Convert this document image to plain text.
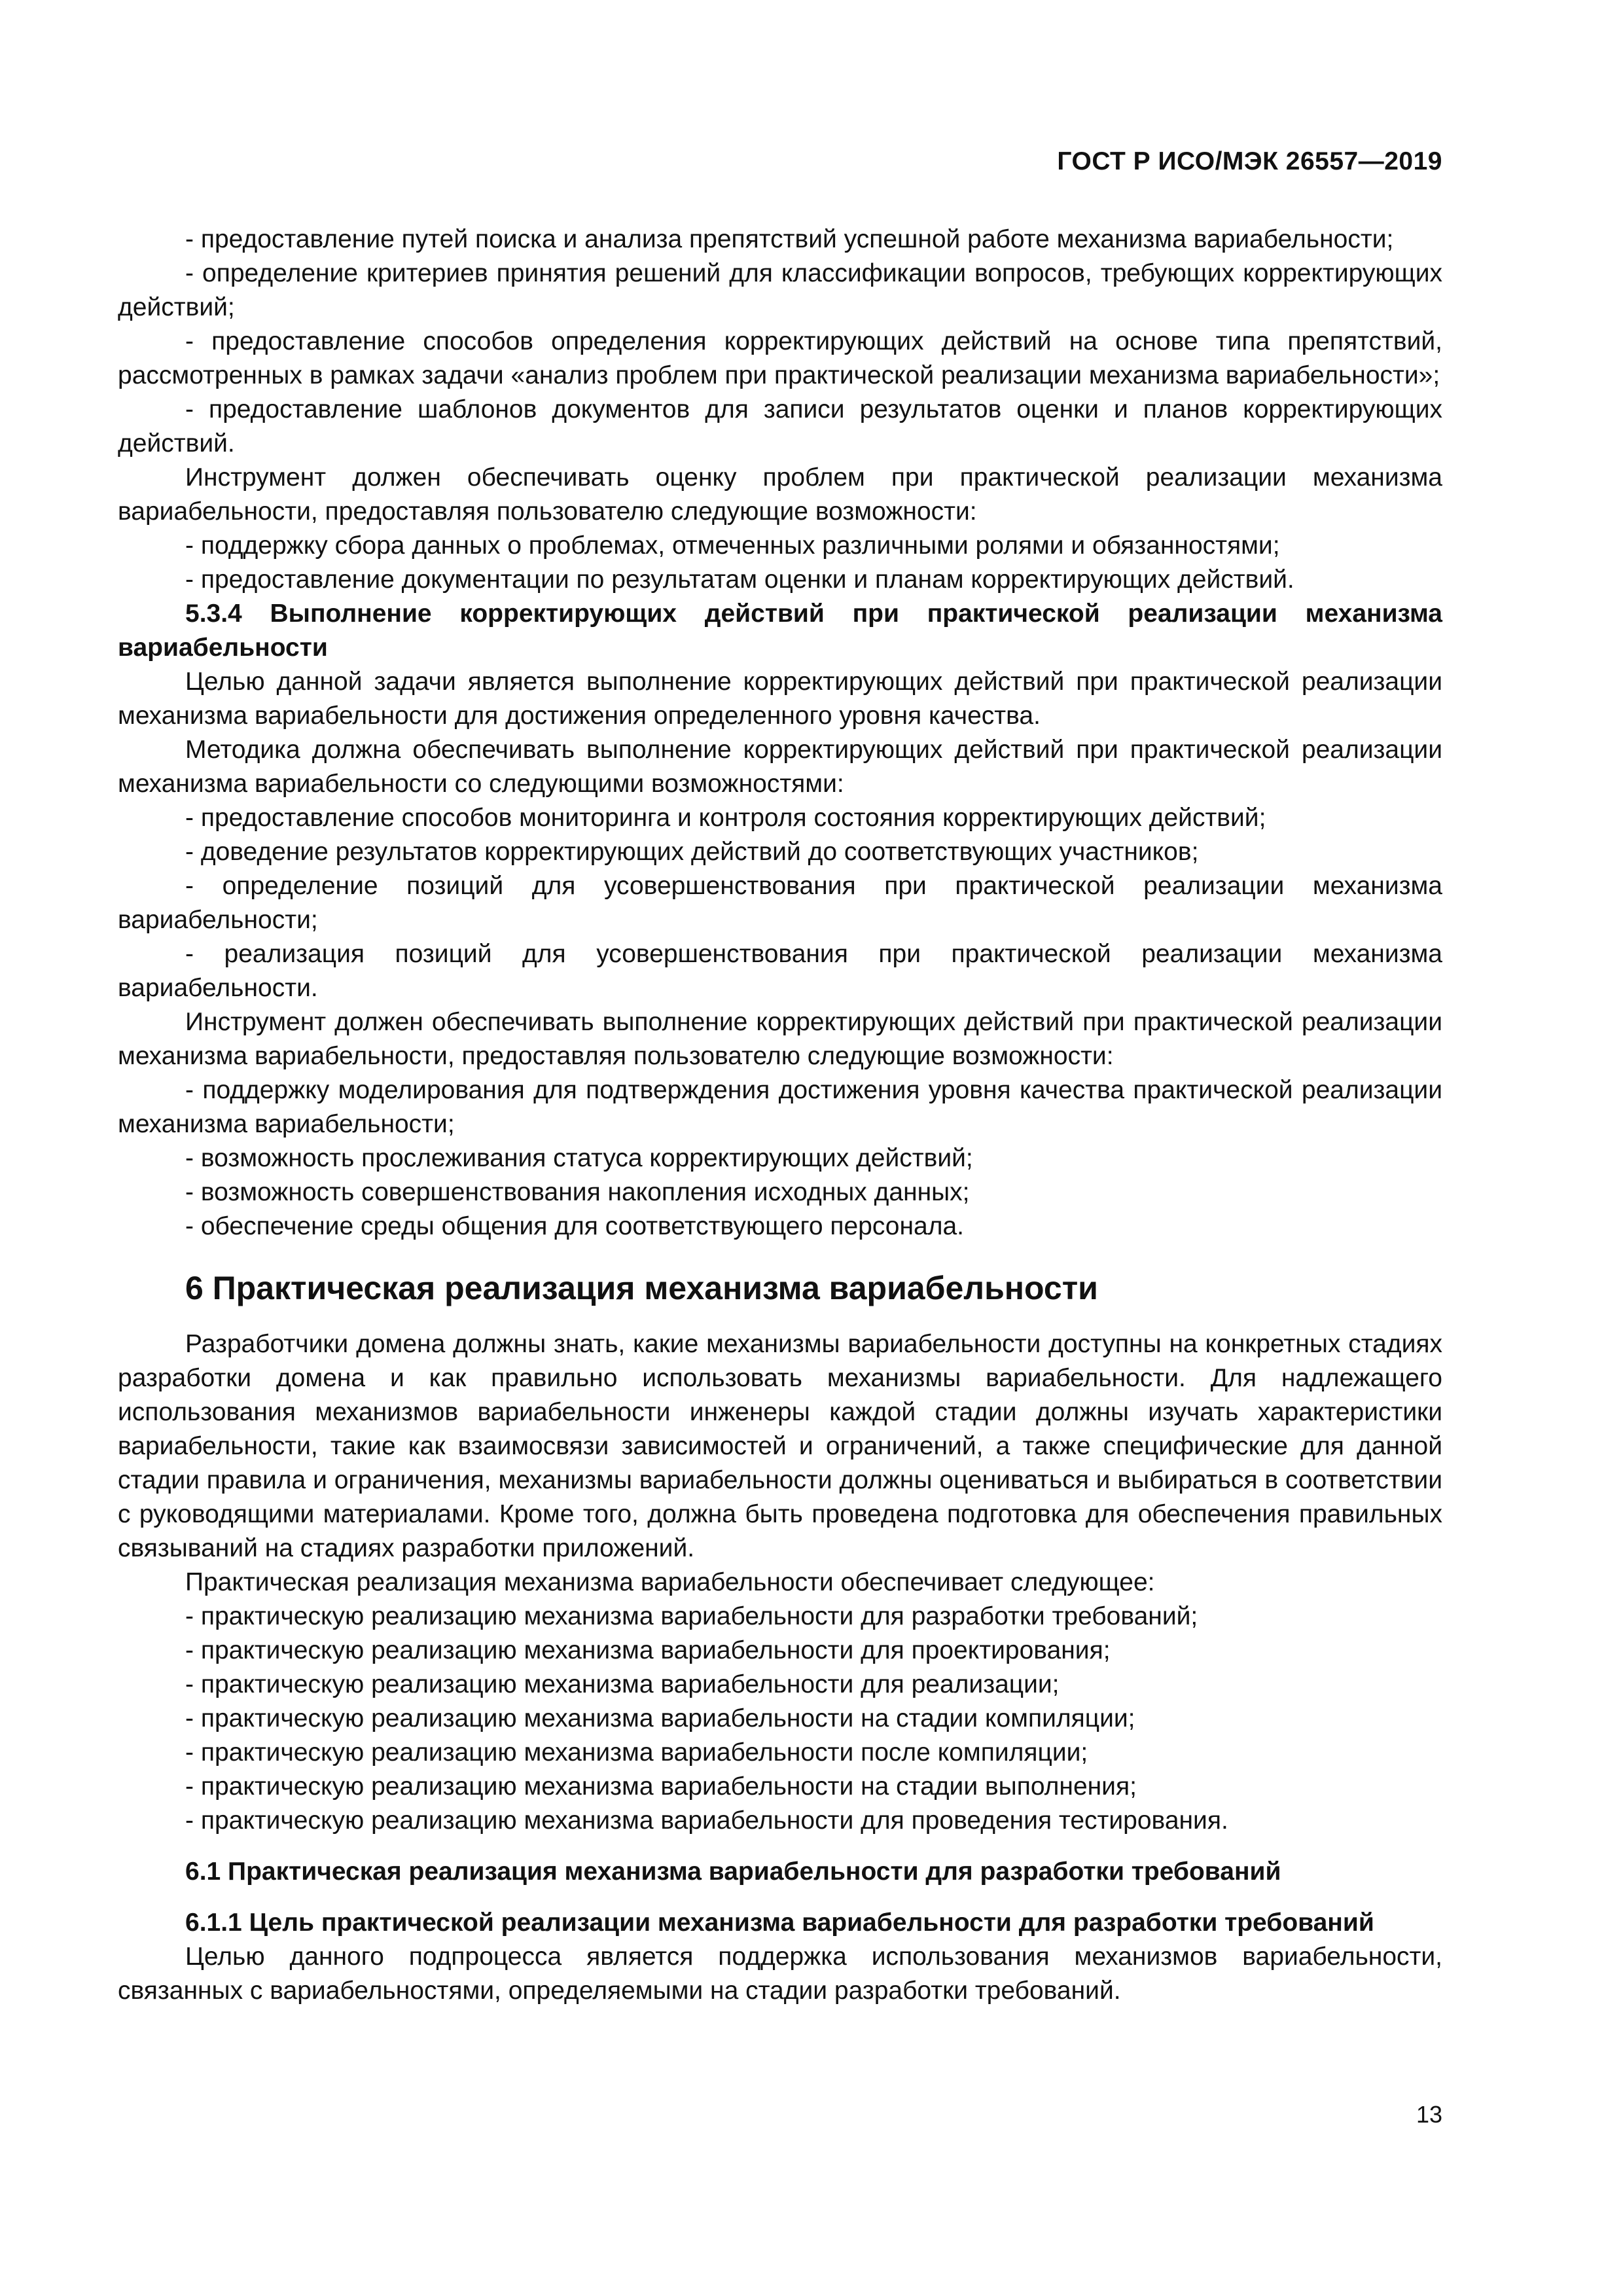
ГОСТ Р ИСО/МЭК 26557—2019

- предоставление путей поиска и анализа препятствий успешной работе механизма вариабельности;

- определение критериев принятия решений для классификации вопросов, требующих корректирующих действий;

- предоставление способов определения корректирующих действий на основе типа препятствий, рассмотренных в рамках задачи «анализ проблем при практической реализации механизма вариабельности»;

- предоставление шаблонов документов для записи результатов оценки и планов корректирующих действий.

Инструмент должен обеспечивать оценку проблем при практической реализации механизма вариабельности, предоставляя пользователю следующие возможности:

- поддержку сбора данных о проблемах, отмеченных различными ролями и обязанностями;

- предоставление документации по результатам оценки и планам корректирующих действий.

5.3.4 Выполнение корректирующих действий при практической реализации механизма вариабельности

Целью данной задачи является выполнение корректирующих действий при практической реализации механизма вариабельности для достижения определенного уровня качества.

Методика должна обеспечивать выполнение корректирующих действий при практической реализации механизма вариабельности со следующими возможностями:

- предоставление способов мониторинга и контроля состояния корректирующих действий;

- доведение результатов корректирующих действий до соответствующих участников;

- определение позиций для усовершенствования при практической реализации механизма вариабельности;

- реализация позиций для усовершенствования при практической реализации механизма вариабельности.

Инструмент должен обеспечивать выполнение корректирующих действий при практической реализации механизма вариабельности, предоставляя пользователю следующие возможности:

- поддержку моделирования для подтверждения достижения уровня качества практической реализации механизма вариабельности;

- возможность прослеживания статуса корректирующих действий;

- возможность совершенствования накопления исходных данных;

- обеспечение среды общения для соответствующего персонала.

6 Практическая реализация механизма вариабельности

Разработчики домена должны знать, какие механизмы вариабельности доступны на конкретных стадиях разработки домена и как правильно использовать механизмы вариабельности. Для надлежащего использования механизмов вариабельности инженеры каждой стадии должны изучать характеристики вариабельности, такие как взаимосвязи зависимостей и ограничений, а также специфические для данной стадии правила и ограничения, механизмы вариабельности должны оцениваться и выбираться в соответствии с руководящими материалами. Кроме того, должна быть проведена подготовка для обеспечения правильных связываний на стадиях разработки приложений.

Практическая реализация механизма вариабельности обеспечивает следующее:

- практическую реализацию механизма вариабельности для разработки требований;

- практическую реализацию механизма вариабельности для проектирования;

- практическую реализацию механизма вариабельности для реализации;

- практическую реализацию механизма вариабельности на стадии компиляции;

- практическую реализацию механизма вариабельности после компиляции;

- практическую реализацию механизма вариабельности на стадии выполнения;

- практическую реализацию механизма вариабельности для проведения тестирования.

6.1 Практическая реализация механизма вариабельности для разработки требований

6.1.1 Цель практической реализации механизма вариабельности для разработки требований

Целью данного подпроцесса является поддержка использования механизмов вариабельности, связанных с вариабельностями, определяемыми на стадии разработки требований.

13
